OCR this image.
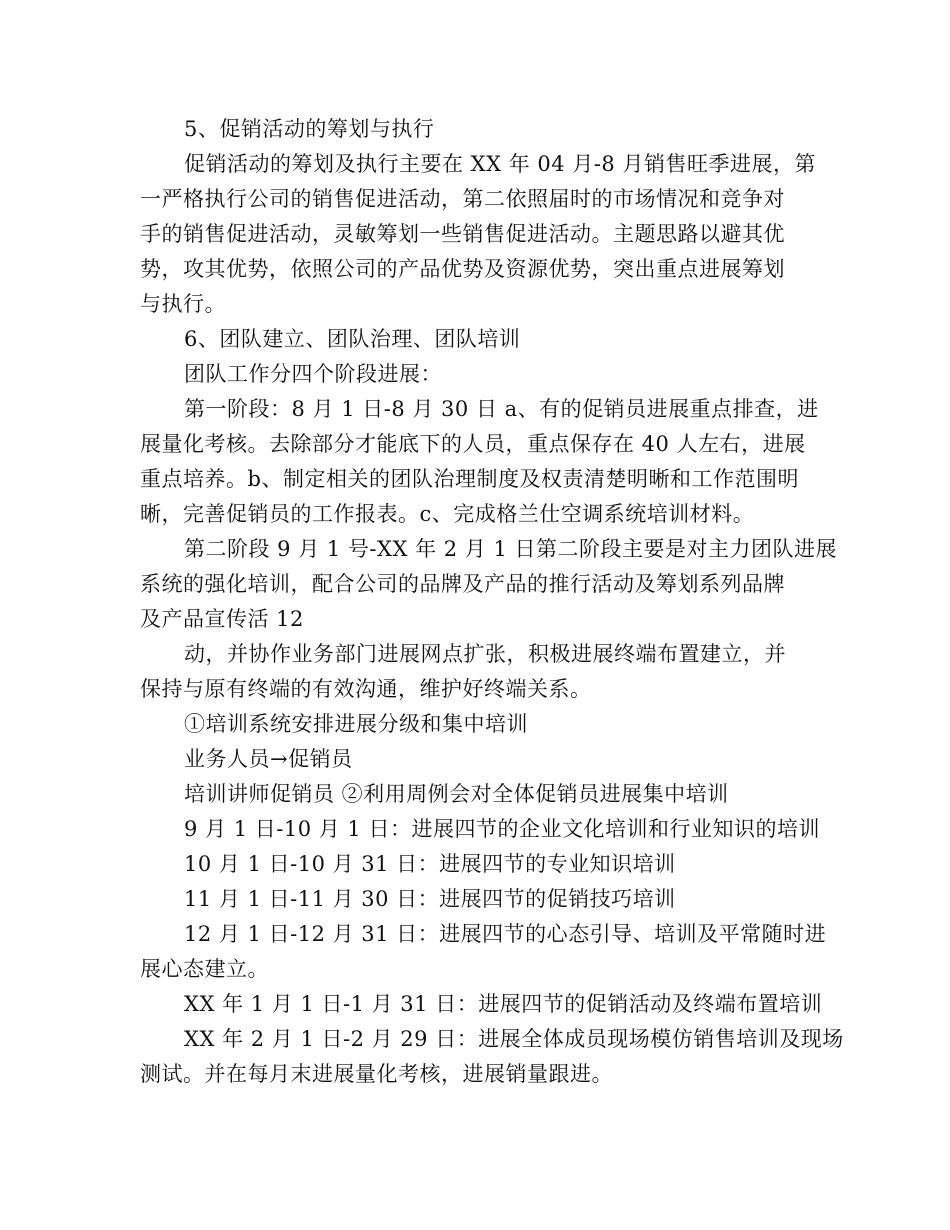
5、促销活动的筹划与执行
促销活动的筹划及执行主要在 XX 年 04 月-8 月销售旺季进展，第
一严格执行公司的销售促进活动，第二依照届时的市场情况和竞争对
手的销售促进活动，灵敏筹划一些销售促进活动。主题思路以避其优
势，攻其优势，依照公司的产品优势及资源优势，突出重点进展筹划
与执行。
6、团队建立、团队治理、团队培训
团队工作分四个阶段进展：
第一阶段：8 月 1 日-8 月 30 日 a、有的促销员进展重点排查，进
展量化考核。去除部分才能底下的人员，重点保存在 40 人左右，进展
重点培养。b、制定相关的团队治理制度及权责清楚明晰和工作范围明
晰，完善促销员的工作报表。c、完成格兰仕空调系统培训材料。
第二阶段 9 月 1 号-XX 年 2 月 1 日第二阶段主要是对主力团队进展
系统的强化培训，配合公司的品牌及产品的推行活动及筹划系列品牌
及产品宣传活 12
动，并协作业务部门进展网点扩张，积极进展终端布置建立，并
保持与原有终端的有效沟通，维护好终端关系。
①培训系统安排进展分级和集中培训
业务人员→促销员
培训讲师促销员 ②利用周例会对全体促销员进展集中培训
9 月 1 日-10 月 1 日：进展四节的企业文化培训和行业知识的培训
10 月 1 日-10 月 31 日：进展四节的专业知识培训
11 月 1 日-11 月 30 日：进展四节的促销技巧培训
12 月 1 日-12 月 31 日：进展四节的心态引导、培训及平常随时进
展心态建立。
XX 年 1 月 1 日-1 月 31 日：进展四节的促销活动及终端布置培训
XX 年 2 月 1 日-2 月 29 日：进展全体成员现场模仿销售培训及现场
测试。并在每月末进展量化考核，进展销量跟进。
